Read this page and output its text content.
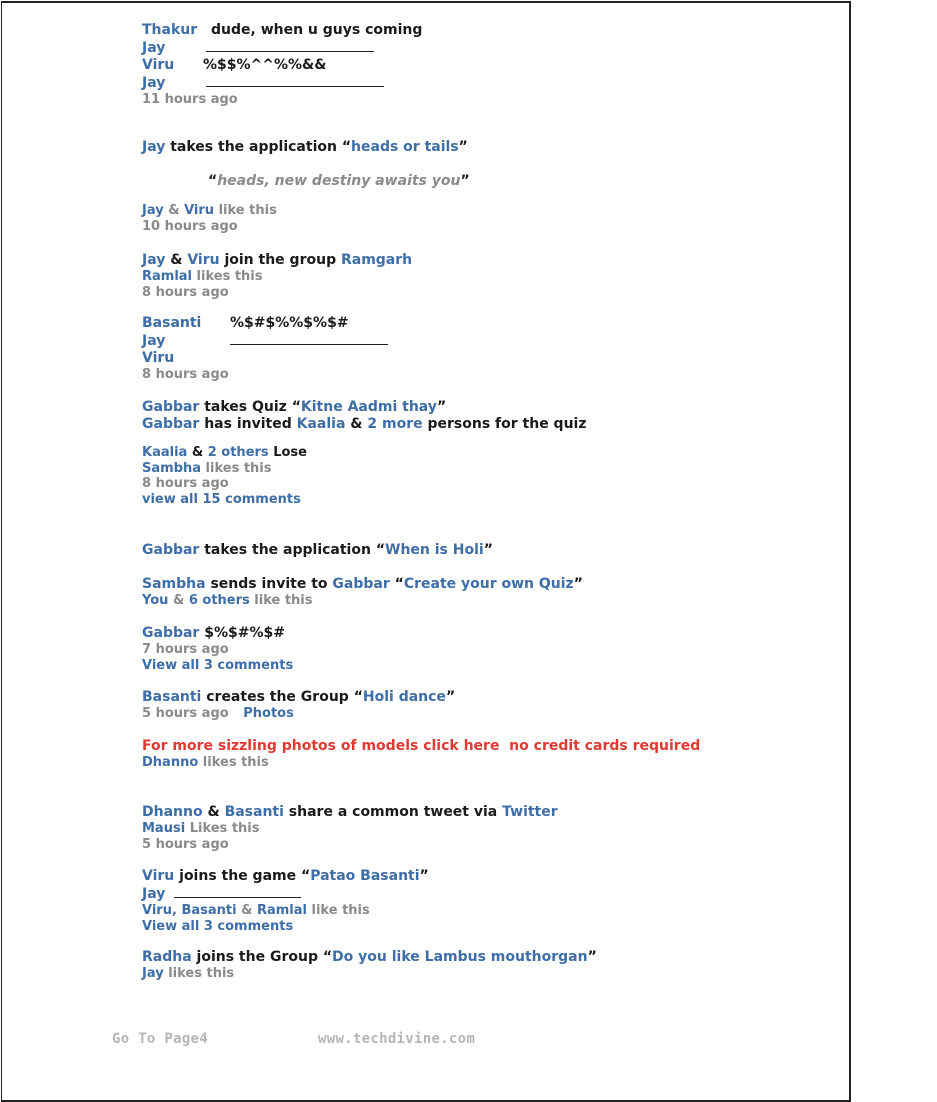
Thakur dude, when u guys coming
Jay
Viru %$$%^^%%&&
Jay
11 hours ago
Jay takes the application “heads or tails”
“heads, new destiny awaits you”
Jay & Viru like this
10 hours ago
Jay & Viru join the group Ramgarh
Ramlal likes this
8 hours ago
Basanti %$#$%%$%$#
Jay
Viru
8 hours ago
Gabbar takes Quiz “Kitne Aadmi thay”
Gabbar has invited Kaalia & 2 more persons for the quiz
Kaalia & 2 others Lose
Sambha likes this
8 hours ago
view all 15 comments
Gabbar takes the application “When is Holi”
Sambha sends invite to Gabbar “Create your own Quiz”
You & 6 others like this
Gabbar $%$#%$#
7 hours ago
View all 3 comments
Basanti creates the Group “Holi dance”
5 hours ago Photos
For more sizzling photos of models click here  no credit cards required
Dhanno likes this
Dhanno & Basanti share a common tweet via Twitter
Mausi Likes this
5 hours ago
Viru joins the game “Patao Basanti”
Jay
Viru, Basanti & Ramlal like this
View all 3 comments
Radha joins the Group “Do you like Lambus mouthorgan”
Jay likes this
Go To Page4	www.techdivine.com
